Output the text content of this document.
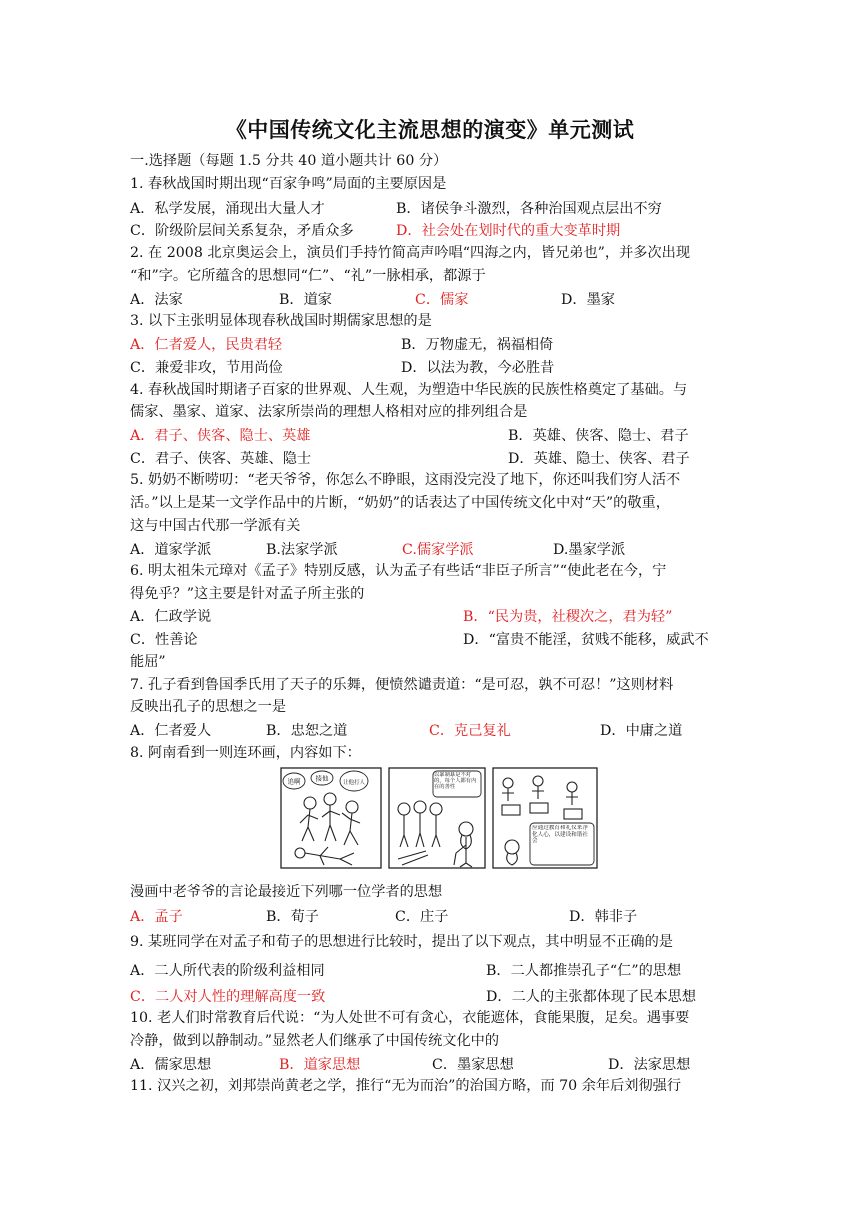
《中国传统文化主流思想的演变》单元测试
一.选择题（每题 1.5 分共 40 道小题共计 60 分）
1. 春秋战国时期出现“百家争鸣”局面的主要原因是
A．私学发展，涌现出大量人才	B．诸侯争斗激烈，各种治国观点层出不穷
C．阶级阶层间关系复杂，矛盾众多	D．社会处在划时代的重大变革时期
2. 在 2008 北京奥运会上，演员们手持竹简高声吟唱“四海之内，皆兄弟也”，并多次出现
“和”字。它所蕴含的思想同“仁”、“礼”一脉相承，都源于
A．法家	B．道家	C．儒家	D．墨家
3. 以下主张明显体现春秋战国时期儒家思想的是
A．仁者爱人，民贵君轻	B．万物虚无，祸福相倚
C．兼爱非攻，节用尚俭	D．以法为教，今必胜昔
4. 春秋战国时期诸子百家的世界观、人生观，为塑造中华民族的民族性格奠定了基础。与
儒家、墨家、道家、法家所崇尚的理想人格相对应的排列组合是
A．君子、侠客、隐士、英雄	B．英雄、侠客、隐士、君子
C．君子、侠客、英雄、隐士	D．英雄、隐士、侠客、君子
5. 奶奶不断唠叨：“老天爷爷，你怎么不睁眼，这雨没完没了地下，你还叫我们穷人活不
活。”以上是某一文学作品中的片断，“奶奶”的话表达了中国传统文化中对“天”的敬重，
这与中国古代那一学派有关
A．道家学派	B.法家学派	C.儒家学派	D.墨家学派
6. 明太祖朱元璋对《孟子》特别反感，认为孟子有些话“非臣子所言”“使此老在今，宁
得免乎？”这主要是针对孟子所主张的
A．仁政学说	B．“民为贵，社稷次之，君为轻”
C．性善论	D．“富贵不能淫，贫贱不能移，威武不
能屈”
7. 孔子看到鲁国季氏用了天子的乐舞，便愤然谴责道：“是可忍，孰不可忍！”这则材料
反映出孔子的思想之一是
A．仁者爱人	B．忠恕之道	C．克己复礼	D．中庸之道
8. 阿南看到一则连环画，内容如下：
追啊 揍他
让他打人
以暴制暴是不对的，每个人都有内在的善性
应通过教育和礼仪来净化人心，以建设和谐社会
漫画中老爷爷的言论最接近下列哪一位学者的思想
A．孟子	B．荀子	C．庄子	D．韩非子
9. 某班同学在对孟子和荀子的思想进行比较时，提出了以下观点，其中明显不正确的是
A．二人所代表的阶级利益相同	B．二人都推崇孔子“仁”的思想
C．二人对人性的理解高度一致	D．二人的主张都体现了民本思想
10. 老人们时常教育后代说：“为人处世不可有贪心，衣能遮体，食能果腹，足矣。遇事要
冷静，做到以静制动。”显然老人们继承了中国传统文化中的
A．儒家思想	B．道家思想	C．墨家思想	D．法家思想
11. 汉兴之初，刘邦崇尚黄老之学，推行“无为而治”的治国方略，而 70 余年后刘彻强行
